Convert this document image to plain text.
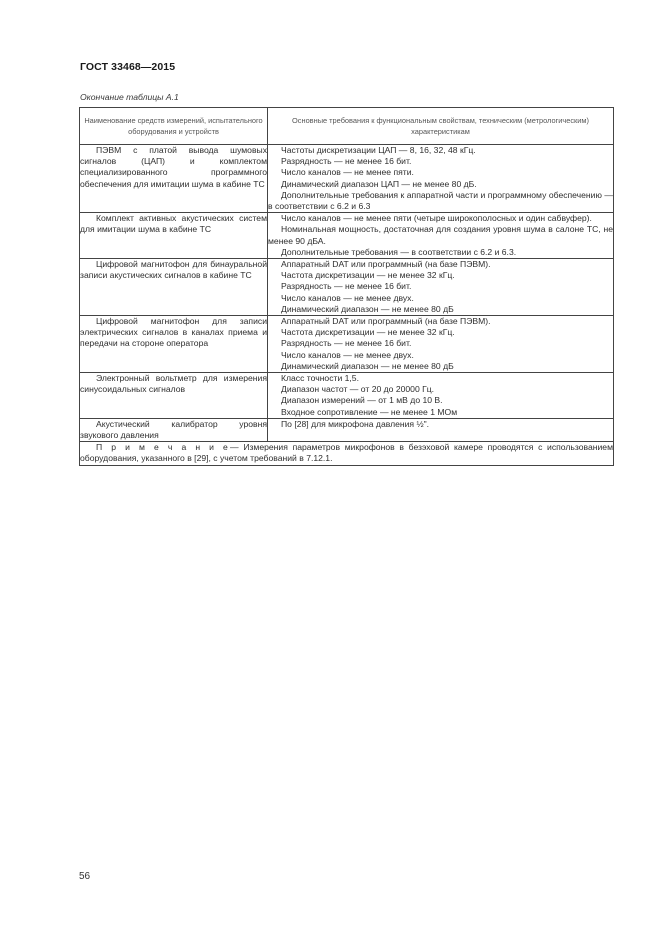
ГОСТ 33468—2015
Окончание таблицы А.1
Наименование средств измерений, испытательного оборудования и устройств	Основные требования к функциональным свойствам, техническим (метрологическим) характеристикам

ПЭВМ с платой вывода шумовых сигналов (ЦАП) и комплектом специализированного программного обеспечения для имитации шума в кабине ТС	Частоты дискретизации ЦАП — 8, 16, 32, 48 кГц.
Разрядность — не менее 16 бит.
Число каналов — не менее пяти.
Динамический диапазон ЦАП — не менее 80 дБ.
Дополнительные требования к аппаратной части и программному обеспечению — в соответствии с 6.2 и 6.3

Комплект активных акустических систем для имитации шума в кабине ТС	Число каналов — не менее пяти (четыре широкополосных и один сабвуфер).
Номинальная мощность, достаточная для создания уровня шума в салоне ТС, не менее 90 дБА.
Дополнительные требования — в соответствии с 6.2 и 6.3.

Цифровой магнитофон для бинауральной записи акустических сигналов в кабине ТС	Аппаратный DAT или программный (на базе ПЭВМ).
Частота дискретизации — не менее 32 кГц.
Разрядность — не менее 16 бит.
Число каналов — не менее двух.
Динамический диапазон — не менее 80 дБ

Цифровой магнитофон для записи электрических сигналов в каналах приема и передачи на стороне оператора	Аппаратный DAT или программный (на базе ПЭВМ).
Частота дискретизации — не менее 32 кГц.
Разрядность — не менее 16 бит.
Число каналов — не менее двух.
Динамический диапазон — не менее 80 дБ

Электронный вольтметр для измерения синусоидальных сигналов	Класс точности 1,5.
Диапазон частот — от 20 до 20000 Гц.
Диапазон измерений — от 1 мВ до 10 В.
Входное сопротивление — не менее 1 МОм

Акустический калибратор уровня звукового давления	По [28] для микрофона давления ½".

П р и м е ч а н и е— Измерения параметров микрофонов в безэховой камере проводятся с использованием оборудования, указанного в [29], с учетом требований в 7.12.1.	
56
